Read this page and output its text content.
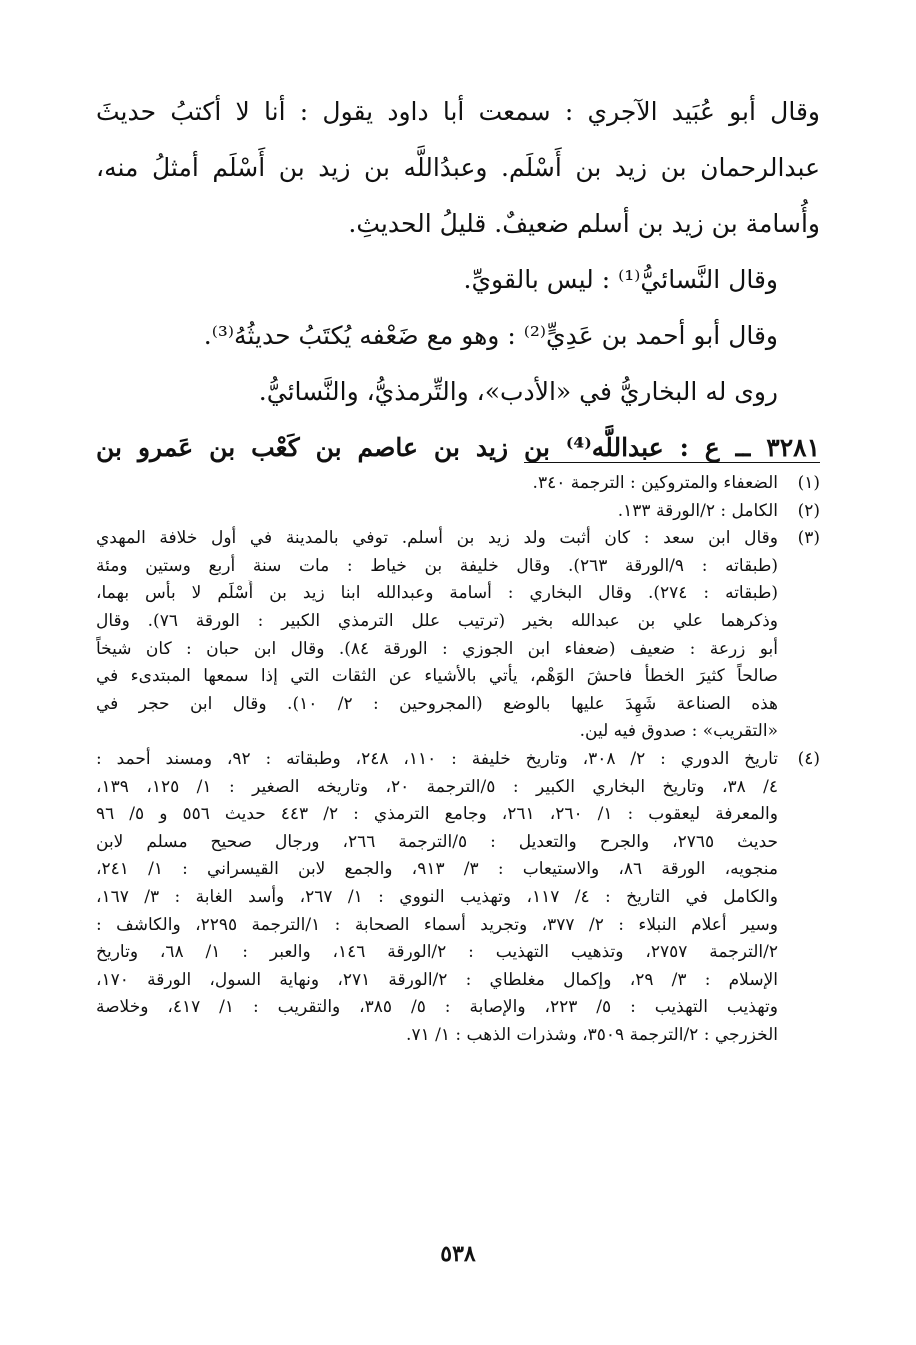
وقال أبو عُبَيد الآجري : سمعت أبا داود يقول : أنا لا أكتبُ حديثَ
عبدالرحمان بن زيد بن أَسْلَم. وعبدُاللَّه بن زيد بن أَسْلَم أمثلُ منه،
وأُسامة بن زيد بن أسلم ضعيفٌ. قليلُ الحديثِ.
وقال النَّسائيُّ⁽¹⁾ : ليس بالقويِّ.
وقال أبو أحمد بن عَدِيٍّ⁽²⁾ : وهو مع ضَعْفه يُكتَبُ حديثُهُ⁽³⁾.
روى له البخاريُّ في «الأدب»، والتِّرمذيُّ، والنَّسائيُّ.
٣٢٨١ ــ ع : عبداللَّه⁽⁴⁾ بن زيد بن عاصم بن كَعْب بن عَمرو بن
(١)
الضعفاء والمتروكين : الترجمة ٣٤٠.
(٢)
الكامل : ٢/الورقة ١٣٣.
(٣)
وقال ابن سعد : كان أثبت ولد زيد بن أسلم. توفي بالمدينة في أول خلافة المهدي
(طبقاته : ٩/الورقة ٢٦٣). وقال خليفة بن خياط : مات سنة أربع وستين ومئة
(طبقاته : ٢٧٤). وقال البخاري : أسامة وعبدالله ابنا زيد بن أَسْلَم لا بأس بهما،
وذكرهما علي بن عبدالله بخير (ترتيب علل الترمذي الكبير : الورقة ٧٦). وقال
أبو زرعة : ضعيف (ضعفاء ابن الجوزي : الورقة ٨٤). وقال ابن حبان : كان شيخاً
صالحاً كثيرَ الخطأ فاحشَ الوَهْم، يأتي بالأشياء عن الثقات التي إذا سمعها المبتدىء في
هذه الصناعة شَهِدَ عليها بالوضع (المجروحين : ٢/ ١٠). وقال ابن حجر في
«التقريب» : صدوق فيه لين.
(٤)
تاريخ الدوري : ٢/ ٣٠٨، وتاريخ خليفة : ١١٠، ٢٤٨، وطبقاته : ٩٢، ومسند أحمد :
٤/ ٣٨، وتاريخ البخاري الكبير : ٥/الترجمة ٢٠، وتاريخه الصغير : ١/ ١٢٥، ١٣٩،
والمعرفة ليعقوب : ١/ ٢٦٠، ٢٦١، وجامع الترمذي : ٢/ ٤٤٣ حديث ٥٥٦ و ٥/ ٩٦
حديث ٢٧٦٥، والجرح والتعديل : ٥/الترجمة ٢٦٦، ورجال صحيح مسلم لابن
منجويه، الورقة ٨٦، والاستيعاب : ٣/ ٩١٣، والجمع لابن القيسراني : ١/ ٢٤١،
والكامل في التاريخ : ٤/ ١١٧، وتهذيب النووي : ١/ ٢٦٧، وأسد الغابة : ٣/ ١٦٧،
وسير أعلام النبلاء : ٢/ ٣٧٧، وتجريد أسماء الصحابة : ١/الترجمة ٢٢٩٥، والكاشف :
٢/الترجمة ٢٧٥٧، وتذهيب التهذيب : ٢/الورقة ١٤٦، والعبر : ١/ ٦٨، وتاريخ
الإسلام : ٣/ ٢٩، وإكمال مغلطاي : ٢/الورقة ٢٧١، ونهاية السول، الورقة ١٧٠،
وتهذيب التهذيب : ٥/ ٢٢٣، والإصابة : ٥/ ٣٨٥، والتقريب : ١/ ٤١٧، وخلاصة
الخزرجي : ٢/الترجمة ٣٥٠٩، وشذرات الذهب : ١/ ٧١.
٥٣٨
